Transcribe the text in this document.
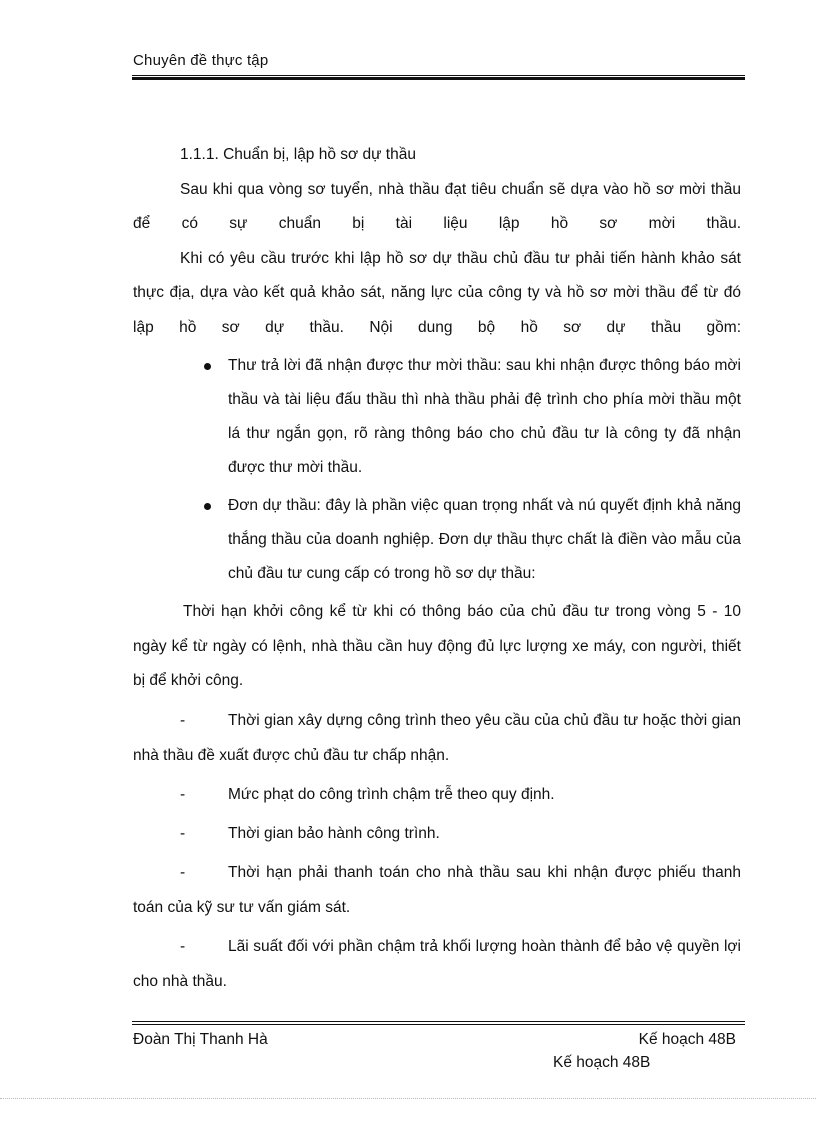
Chuyên đề thực tập
1.1.1. Chuẩn bị, lập hồ sơ dự thầu

Sau khi qua vòng sơ tuyển, nhà thầu đạt tiêu chuẩn sẽ dựa vào hồ sơ mời thầu để có sự chuẩn bị tài liệu lập hồ sơ mời thầu.

Khi có yêu cầu trước khi lập hồ sơ dự thầu chủ đầu tư phải tiến hành khảo sát thực địa, dựa vào kết quả khảo sát, năng lực của công ty và hồ sơ mời thầu để từ đó lập hồ sơ dự thầu. Nội dung bộ hồ sơ dự thầu gồm:

Thư trả lời đã nhận được thư mời thầu: sau khi nhận được thông báo mời thầu và tài liệu đấu thầu thì nhà thầu phải đệ trình cho phía mời thầu một lá thư ngắn gọn, rõ ràng thông báo cho chủ đầu tư là công ty đã nhận được thư mời thầu.
Đơn dự thầu: đây là phần việc quan trọng nhất và nú quyết định khả năng thắng thầu của doanh nghiệp. Đơn dự thầu thực chất là điền vào mẫu của chủ đầu tư cung cấp có trong hồ sơ dự thầu:

Thời hạn khởi công kể từ khi có thông báo của chủ đầu tư trong vòng 5 - 10 ngày kể từ ngày có lệnh, nhà thầu cần huy động đủ lực lượng xe máy, con người, thiết bị để khởi công.

-	Thời gian xây dựng công trình theo yêu cầu của chủ đầu tư hoặc thời gian nhà thầu đề xuất được chủ đầu tư chấp nhận.
-	Mức phạt do công trình chậm trễ theo quy định.
-	Thời gian bảo hành công trình.
-	Thời hạn phải thanh toán cho nhà thầu sau khi nhận được phiếu thanh toán của kỹ sư tư vấn giám sát.
-	Lãi suất đối với phần chậm trả khối lượng hoàn thành để bảo vệ quyền lợi cho nhà thầu.
Đoàn Thị Thanh Hà	Kế hoạch 48B
Kế hoạch 48B
